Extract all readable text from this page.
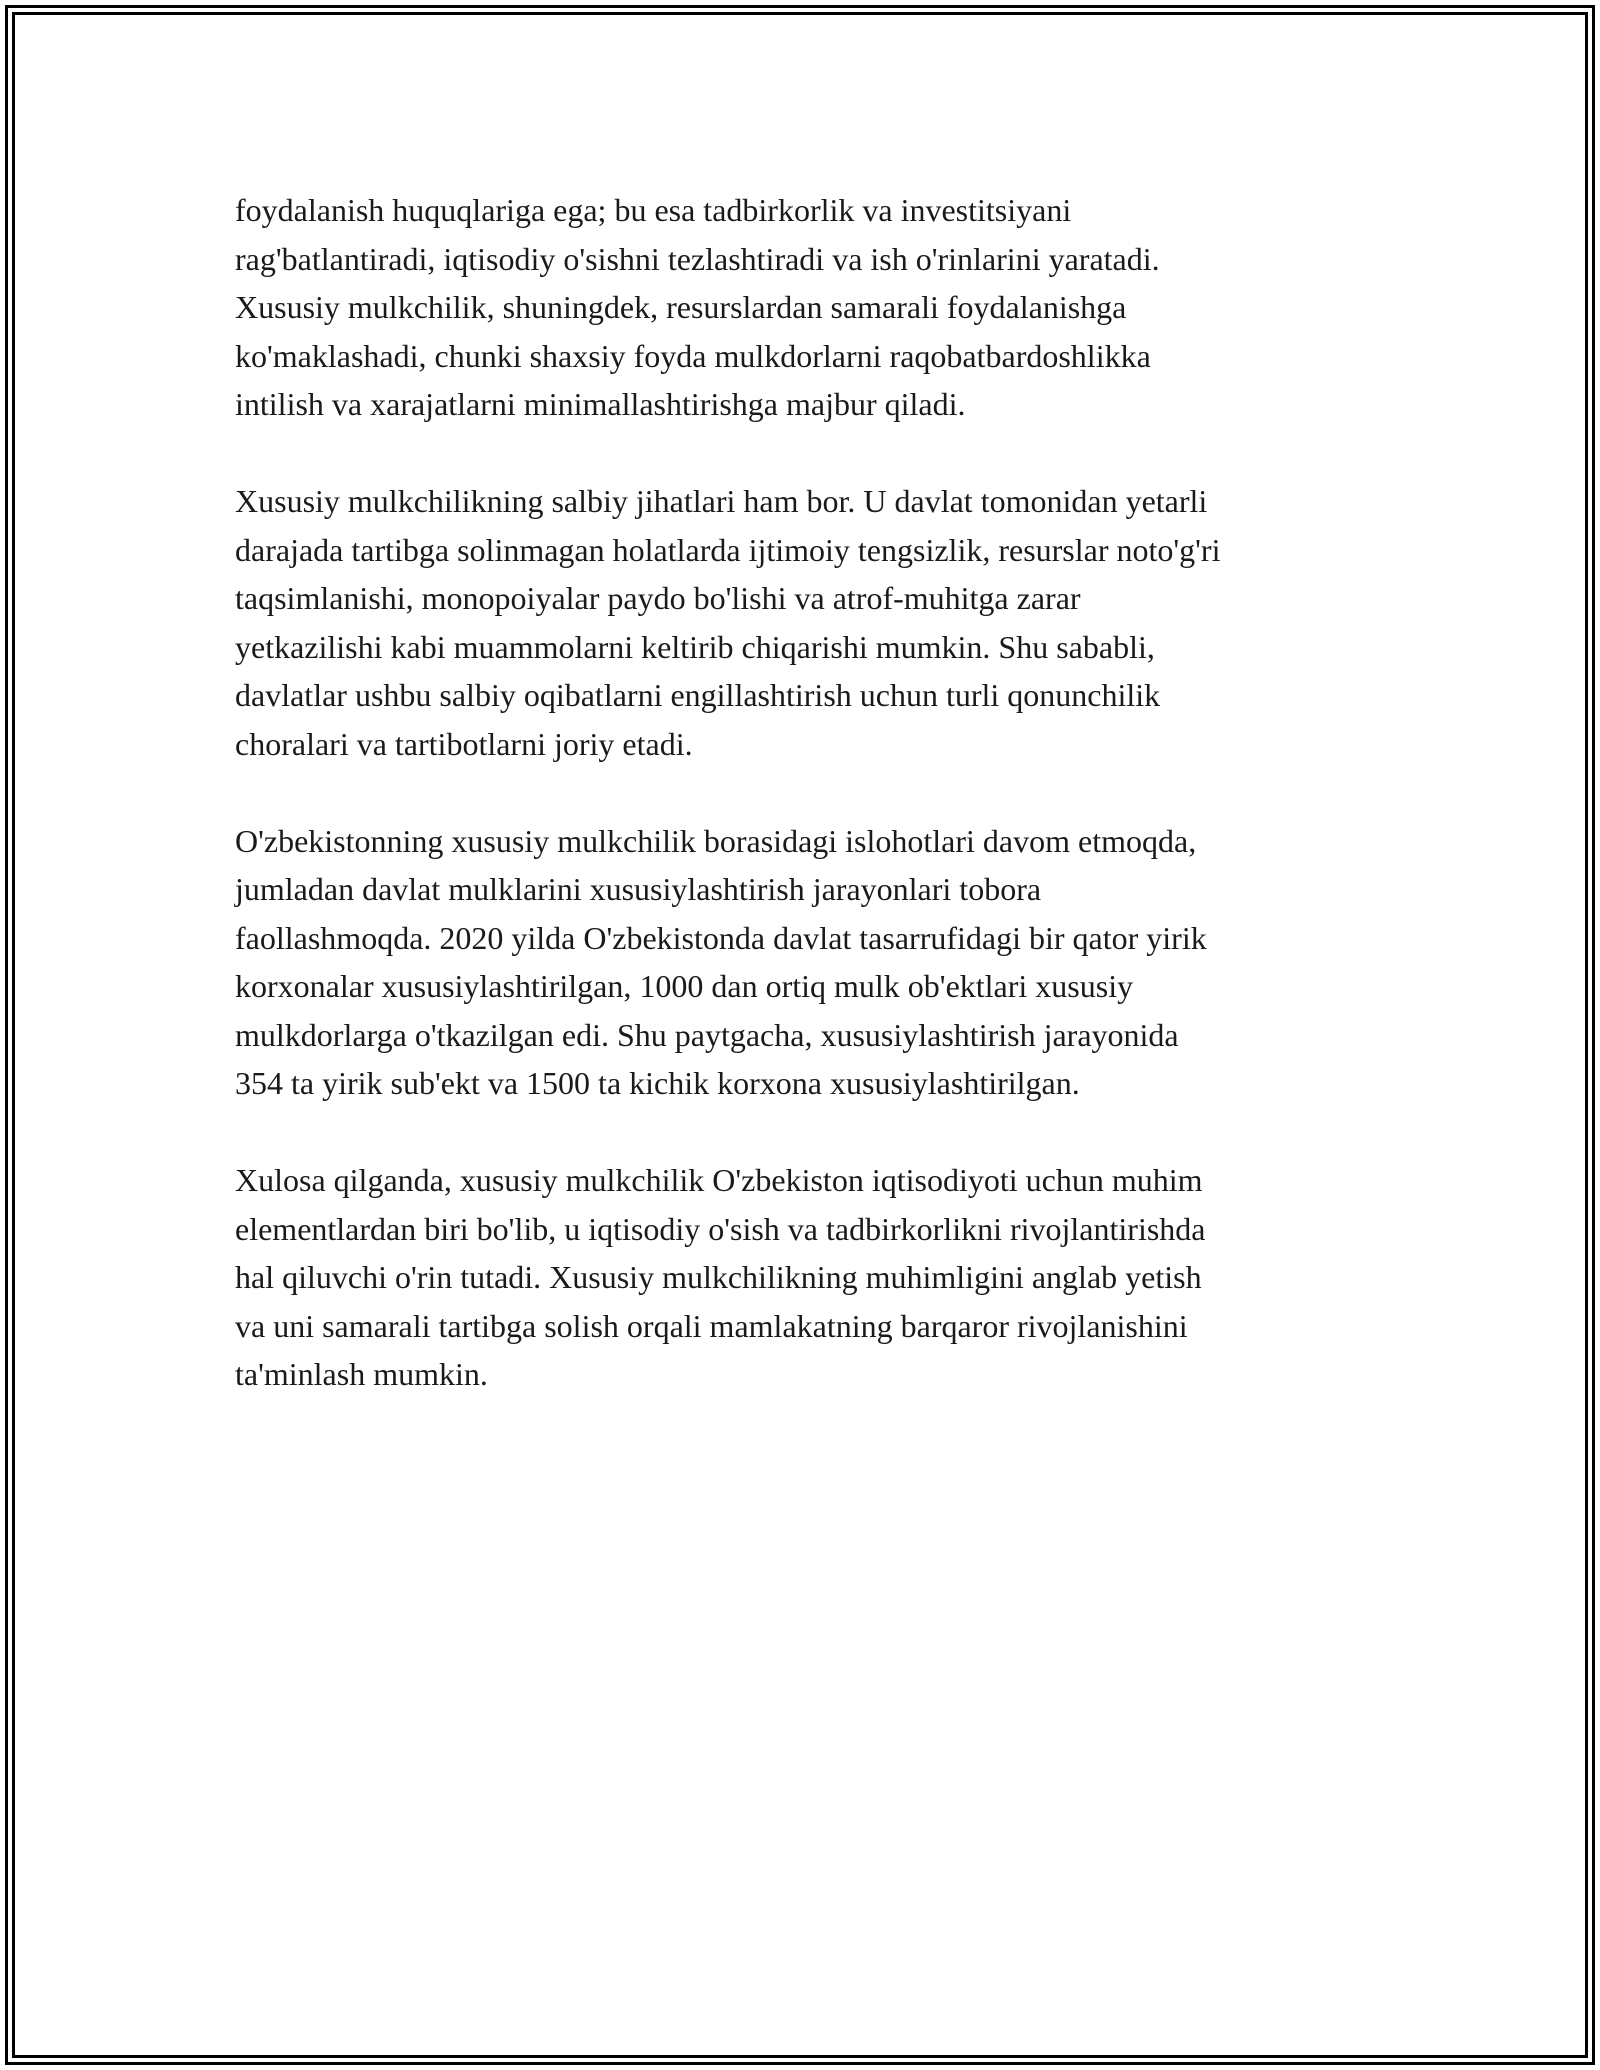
foydalanish huquqlariga ega; bu esa tadbirkorlik va investitsiyani
rag'batlantiradi, iqtisodiy o'sishni tezlashtiradi va ish o'rinlarini yaratadi.
Xususiy mulkchilik, shuningdek, resurslardan samarali foydalanishga
ko'maklashadi, chunki shaxsiy foyda mulkdorlarni raqobatbardoshlikka
intilish va xarajatlarni minimallashtirishga majbur qiladi.

Xususiy mulkchilikning salbiy jihatlari ham bor. U davlat tomonidan yetarli
darajada tartibga solinmagan holatlarda ijtimoiy tengsizlik, resurslar noto'g'ri
taqsimlanishi, monopoiyalar paydo bo'lishi va atrof-muhitga zarar
yetkazilishi kabi muammolarni keltirib chiqarishi mumkin. Shu sababli,
davlatlar ushbu salbiy oqibatlarni engillashtirish uchun turli qonunchilik
choralari va tartibotlarni joriy etadi.

O'zbekistonning xususiy mulkchilik borasidagi islohotlari davom etmoqda,
jumladan davlat mulklarini xususiylashtirish jarayonlari tobora
faollashmoqda. 2020 yilda O'zbekistonda davlat tasarrufidagi bir qator yirik
korxonalar xususiylashtirilgan, 1000 dan ortiq mulk ob'ektlari xususiy
mulkdorlarga o'tkazilgan edi. Shu paytgacha, xususiylashtirish jarayonida
354 ta yirik sub'ekt va 1500 ta kichik korxona xususiylashtirilgan.

Xulosa qilganda, xususiy mulkchilik O'zbekiston iqtisodiyoti uchun muhim
elementlardan biri bo'lib, u iqtisodiy o'sish va tadbirkorlikni rivojlantirishda
hal qiluvchi o'rin tutadi. Xususiy mulkchilikning muhimligini anglab yetish
va uni samarali tartibga solish orqali mamlakatning barqaror rivojlanishini
ta'minlash mumkin.
